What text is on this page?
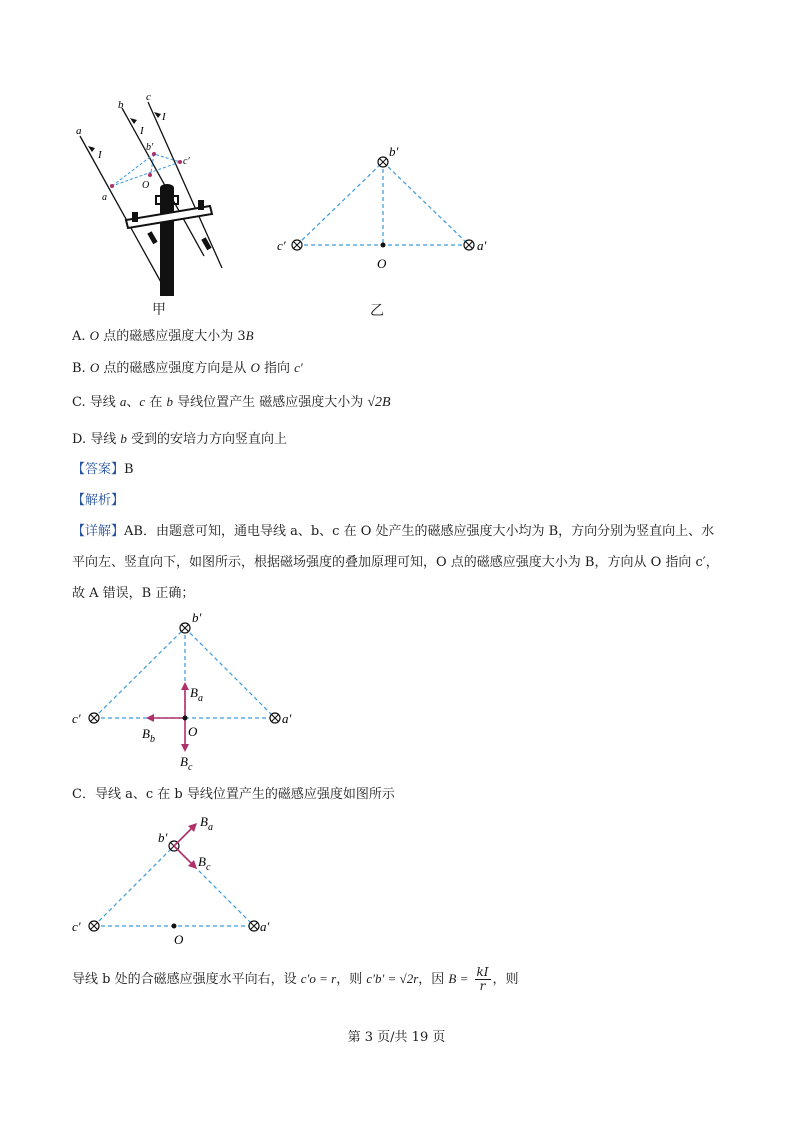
a
b
c
I
I
I
a
b′
c′
O
甲
b′
c′	a′
O
乙
A. O 点的磁感应强度大小为 3B
B. O 点的磁感应强度方向是从 O 指向 c′
C. 导线 a、c 在 b 导线位置产生 磁感应强度大小为 √2B
D. 导线 b 受到的安培力方向竖直向上
【答案】B
【解析】
【详解】AB．由题意可知，通电导线 a、b、c 在 O 处产生的磁感应强度大小均为 B，方向分别为竖直向上、水平向左、竖直向下，如图所示，根据磁场强度的叠加原理可知，O 点的磁感应强度大小为 B，方向从 O 指向 c′，故 A 错误，B 正确；
b′
c′	a′
O
$B_a$
$B_b$
$B_c$
C．导线 a、c 在 b 导线位置产生的磁感应强度如图所示
b′
c′	a′
O
$B_a$
$B_c$
导线 b 处的合磁感应强度水平向右，设 c′o = r，则 c′b′ = √2r，因 $B = \frac{kI}{r}$ ，则
第 3 页/共 19 页
